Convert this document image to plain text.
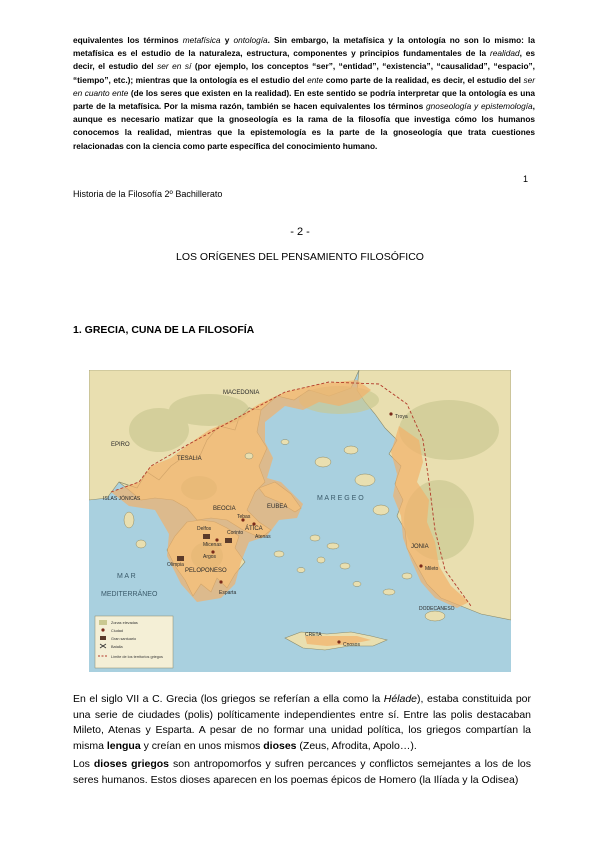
equivalentes los términos metafísica y ontología. Sin embargo, la metafísica y la ontología no son lo mismo: la metafísica es el estudio de la naturaleza, estructura, componentes y principios fundamentales de la realidad, es decir, el estudio del ser en sí (por ejemplo, los conceptos “ser”, “entidad”, “existencia”, “causalidad”, “espacio”, “tiempo”, etc.); mientras que la ontología es el estudio del ente como parte de la realidad, es decir, el estudio del ser en cuanto ente (de los seres que existen en la realidad). En este sentido se podría interpretar que la ontología es una parte de la metafísica. Por la misma razón, también se hacen equivalentes los términos gnoseología y epistemología, aunque es necesario matizar que la gnoseología es la rama de la filosofía que investiga cómo los humanos conocemos la realidad, mientras que la epistemología es la parte de la gnoseología que trata cuestiones relacionadas con la ciencia como parte específica del conocimiento humano.

1
Historia de la Filosofía 2º Bachillerato
- 2 -
LOS ORÍGENES DEL PENSAMIENTO FILOSÓFICO
1. GRECIA, CUNA DE LA FILOSOFÍA
MACEDONIA
EPIRO
TESALIA
BEOCIA	EUBEA
ÁTICA
PELOPONESO
ISLAS JÓNICAS	M A R E G E O
M A R
MEDITERRÁNEO
JONIA
DODECANESO
CRETA
Troya
Mileto
Atenas
Esparta
Micenas
Argos
Delfos
Olimpia
Corinto
Cnosos
Tebas
Zonas elevadas
Ciudad
Gran santuario
Batalla
Límite de los territorios griegos

En el siglo VII a C. Grecia (los griegos se referían a ella como la Hélade), estaba constituida por una serie de ciudades (polis) políticamente independientes entre sí. Entre las polis destacaban Mileto, Atenas y Esparta. A pesar de no formar una unidad política, los griegos compartían la misma lengua y creían en unos mismos dioses (Zeus, Afrodita, Apolo…).

Los dioses griegos son antropomorfos y sufren percances y conflictos semejantes a los de los seres humanos. Estos dioses aparecen en los poemas épicos de Homero (la Ilíada y la Odisea)
